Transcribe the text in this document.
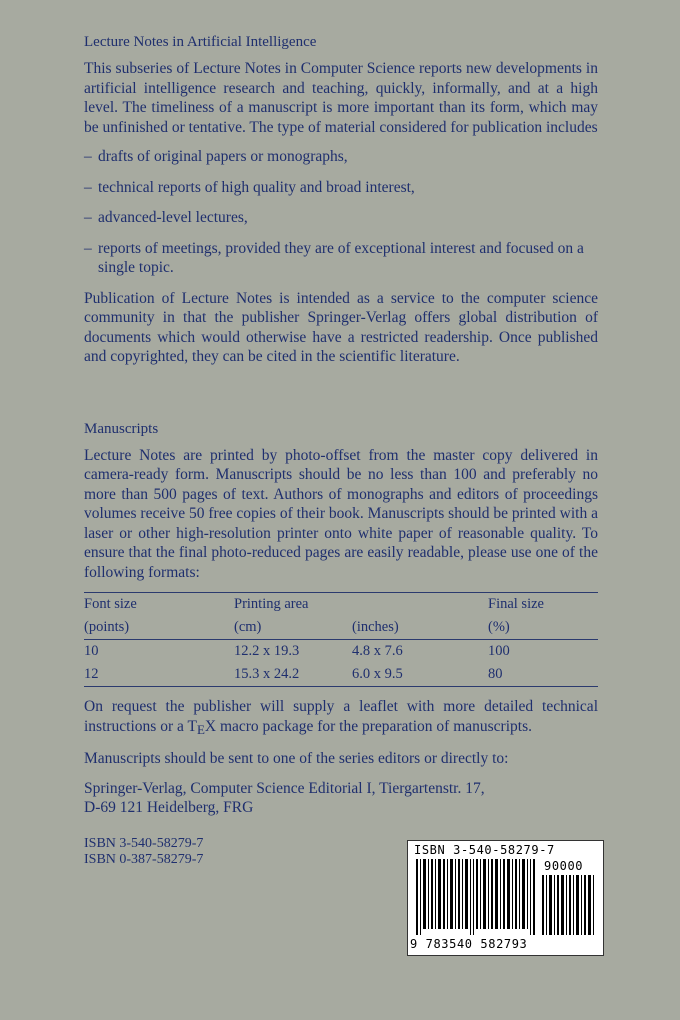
Lecture Notes in Artificial Intelligence

This subseries of Lecture Notes in Computer Science reports new developments in artificial intelligence research and teaching, quickly, informally, and at a high level. The timeliness of a manuscript is more important than its form, which may be unfinished or tentative. The type of material considered for publication includes

– drafts of original papers or monographs,
– technical reports of high quality and broad interest,
– advanced-level lectures,
– reports of meetings, provided they are of exceptional interest and focused on a single topic.

Publication of Lecture Notes is intended as a service to the computer science community in that the publisher Springer-Verlag offers global distribution of documents which would otherwise have a restricted readership. Once published and copyrighted, they can be cited in the scientific literature.

Manuscripts

Lecture Notes are printed by photo-offset from the master copy delivered in camera-ready form. Manuscripts should be no less than 100 and preferably no more than 500 pages of text. Authors of monographs and editors of proceedings volumes receive 50 free copies of their book. Manuscripts should be printed with a laser or other high-resolution printer onto white paper of reasonable quality. To ensure that the final photo-reduced pages are easily readable, please use one of the following formats:

Font size	Printing area		Final size
(points)	(cm)	(inches)	(%)
10	12.2 x 19.3	4.8 x 7.6	100
12	15.3 x 24.2	6.0 x 9.5	80

On request the publisher will supply a leaflet with more detailed technical instructions or a $T_EX$ macro package for the preparation of manuscripts.

Manuscripts should be sent to one of the series editors or directly to:

Springer-Verlag, Computer Science Editorial I, Tiergartenstr. 17,
D-69 121 Heidelberg, FRG
ISBN 3-540-58279-7
ISBN 0-387-58279-7
ISBN 3-540-58279-7
90000
9 783540 582793
